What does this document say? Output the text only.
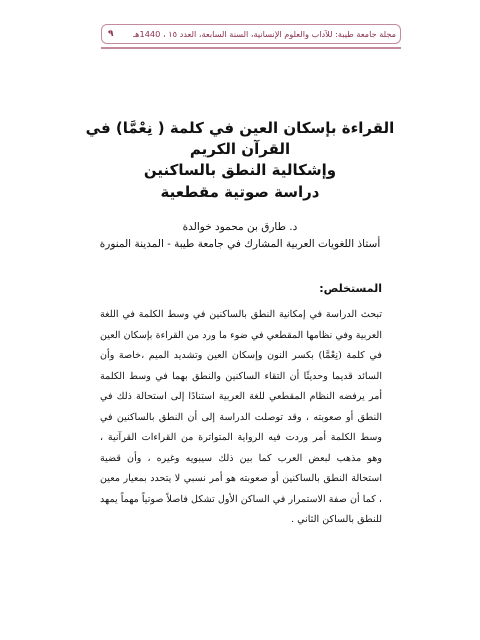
مجلة جامعة طيبة: للآداب والعلوم الإنسانية، السنة السابعة، العدد ١٥ ، 1440هـ
٩
القراءة بإسكان العين في كلمة ( نِعْمَّا) في
القرآن الكريم
وإشكالية النطق بالساكنين
دراسة صوتية مقطعية
د. طارق بن محمود خوالدة
أستاذ اللغويات العربية المشارك في جامعة طيبة - المدينة المنورة
المستخلص:
تبحث الدراسة في إمكانية النطق بالساكنين في وسط الكلمة في اللغة العربية وفي نظامها المقطعي في ضوء ما ورد من القراءة بإسكان العين في كلمة (نِعْمَّا) بكسر النون وإسكان العين وتشديد الميم ،خاصة وأن السائد قديما وحديثًا أن التقاء الساكنين والنطق بهما في وسط الكلمة أمر يرفضه النظام المقطعي للغة العربية استنادًا إلى استحالة ذلك في النطق أو صعوبته ، وقد توصلت الدراسة إلى أن النطق بالساكنين في وسط الكلمة أمر وردت فيه الرواية المتواترة من القراءات القرآنية ، وهو مذهب لبعض العرب كما بين ذلك سيبويه وغيره ، وأن قضية استحالة النطق بالساكنين أو صعوبته هو أمر نسبي لا يتحدد بمعيار معين ، كما أن صفة الاستمرار في الساكن الأول تشكل فاصلاً صوتياً مهماً يمهد للنطق بالساكن الثاني .
